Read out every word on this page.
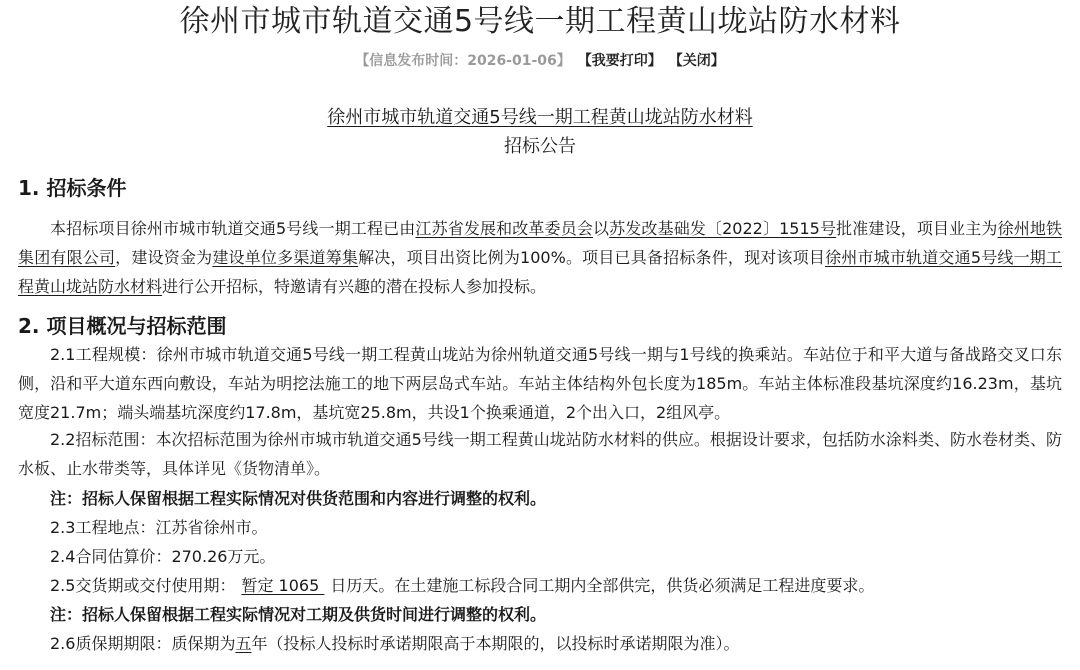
徐州市城市轨道交通5号线一期工程黄山垅站防水材料
【信息发布时间：2026-01-06】 【我要打印】 【关闭】
徐州市城市轨道交通5号线一期工程黄山垅站防水材料
招标公告
1. 招标条件
本招标项目徐州市城市轨道交通5号线一期工程已由江苏省发展和改革委员会以苏发改基础发〔2022〕1515号批准建设，项目业主为徐州地铁集团有限公司，建设资金为建设单位多渠道筹集解决，项目出资比例为100%。项目已具备招标条件，现对该项目徐州市城市轨道交通5号线一期工程黄山垅站防水材料进行公开招标，特邀请有兴趣的潜在投标人参加投标。
2. 项目概况与招标范围
2.1工程规模：徐州市城市轨道交通5号线一期工程黄山垅站为徐州轨道交通5号线一期与1号线的换乘站。车站位于和平大道与备战路交叉口东侧，沿和平大道东西向敷设，车站为明挖法施工的地下两层岛式车站。车站主体结构外包长度为185m。车站主体标准段基坑深度约16.23m，基坑宽度21.7m；端头端基坑深度约17.8m，基坑宽25.8m，共设1个换乘通道，2个出入口，2组风亭。
2.2招标范围：本次招标范围为徐州市城市轨道交通5号线一期工程黄山垅站防水材料的供应。根据设计要求，包括防水涂料类、防水卷材类、防水板、止水带类等，具体详见《货物清单》。
注：招标人保留根据工程实际情况对供货范围和内容进行调整的权利。
2.3工程地点：江苏省徐州市。
2.4合同估算价：270.26万元。
2.5交货期或交付使用期： 暂定 1065 日历天。在土建施工标段合同工期内全部供完，供货必须满足工程进度要求。
注：招标人保留根据工程实际情况对工期及供货时间进行调整的权利。
2.6质保期期限：质保期为五年（投标人投标时承诺期限高于本期限的，以投标时承诺期限为准）。
